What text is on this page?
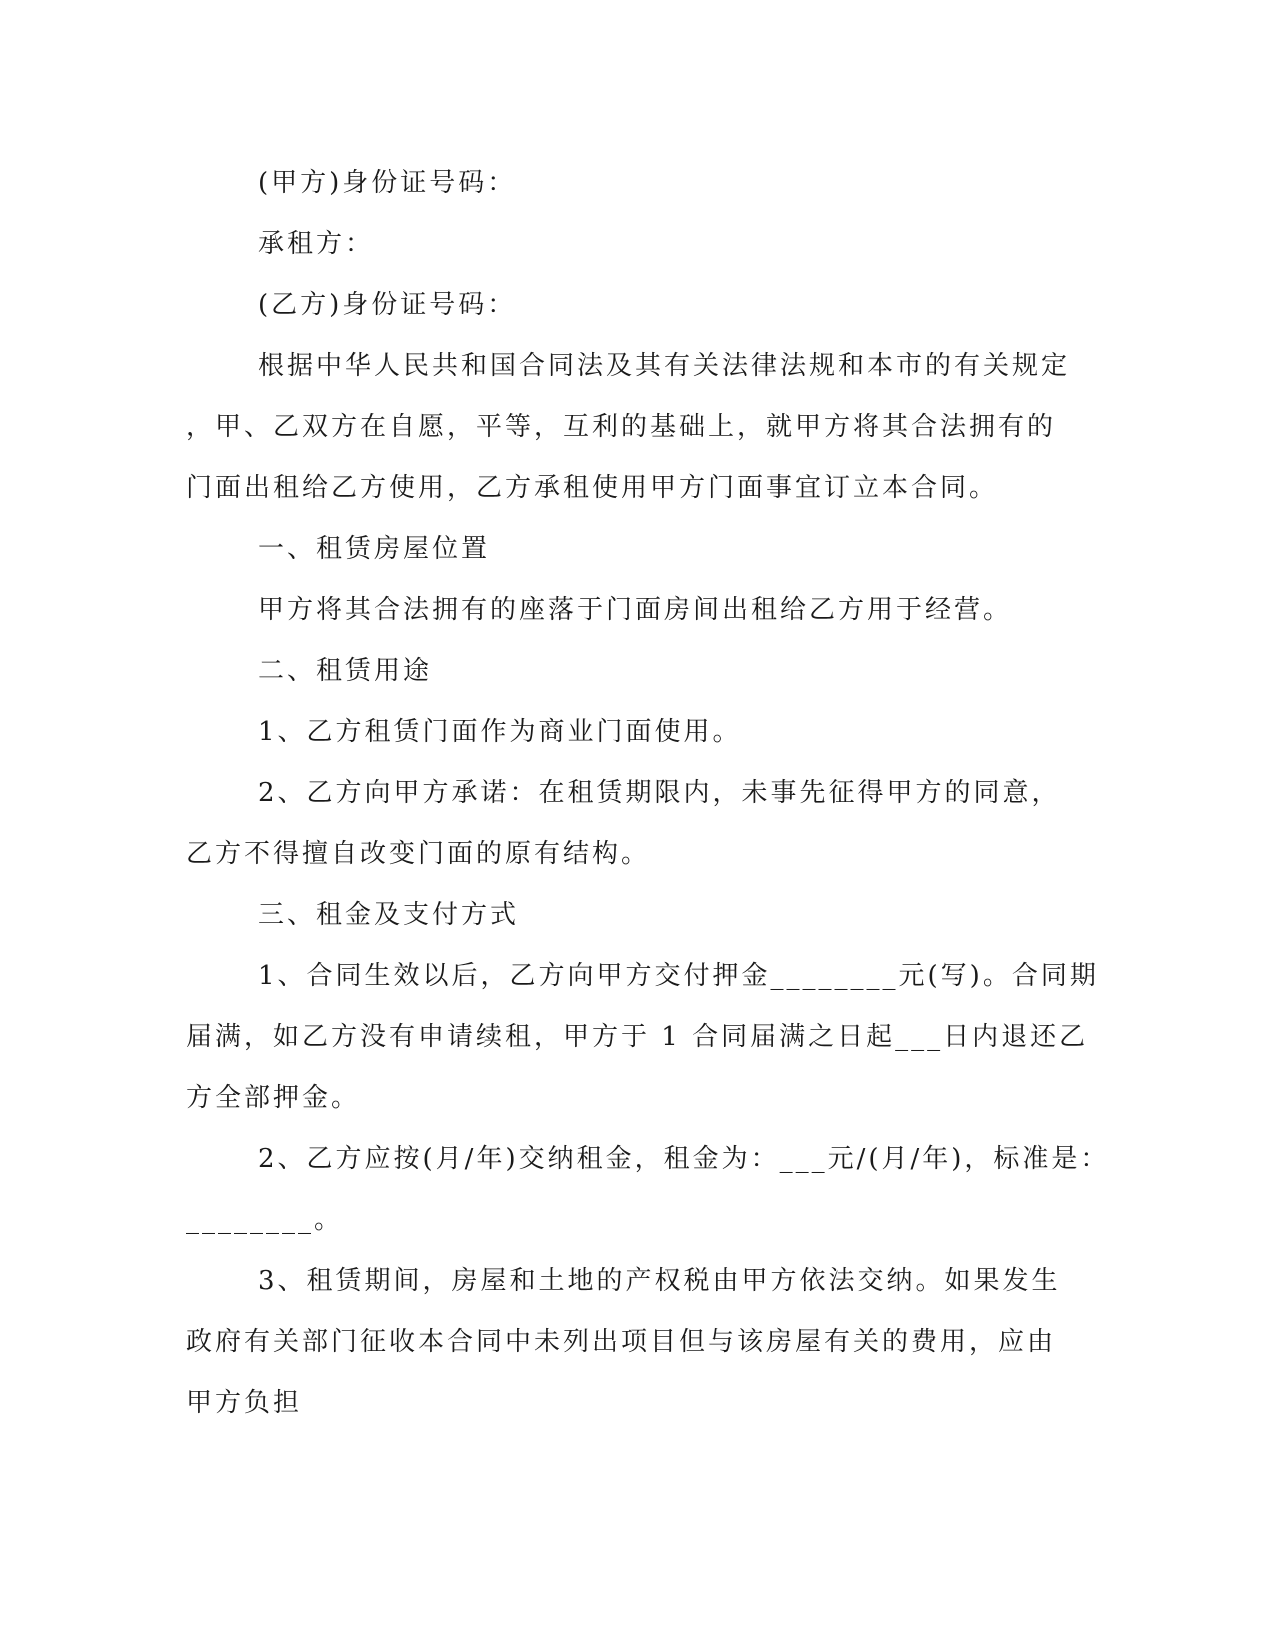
(甲方)身份证号码：

承租方：

(乙方)身份证号码：

根据中华人民共和国合同法及其有关法律法规和本市的有关规定
，甲、乙双方在自愿，平等，互利的基础上，就甲方将其合法拥有的
门面出租给乙方使用，乙方承租使用甲方门面事宜订立本合同。

一、租赁房屋位置

甲方将其合法拥有的座落于门面房间出租给乙方用于经营。

二、租赁用途

1、乙方租赁门面作为商业门面使用。

2、乙方向甲方承诺：在租赁期限内，未事先征得甲方的同意，
乙方不得擅自改变门面的原有结构。

三、租金及支付方式

1、合同生效以后，乙方向甲方交付押金________元(写)。合同期
届满，如乙方没有申请续租，甲方于 1 合同届满之日起___日内退还乙
方全部押金。

2、乙方应按(月/年)交纳租金，租金为：___元/(月/年)，标准是：
________。

3、租赁期间，房屋和土地的产权税由甲方依法交纳。如果发生
政府有关部门征收本合同中未列出项目但与该房屋有关的费用，应由
甲方负担
